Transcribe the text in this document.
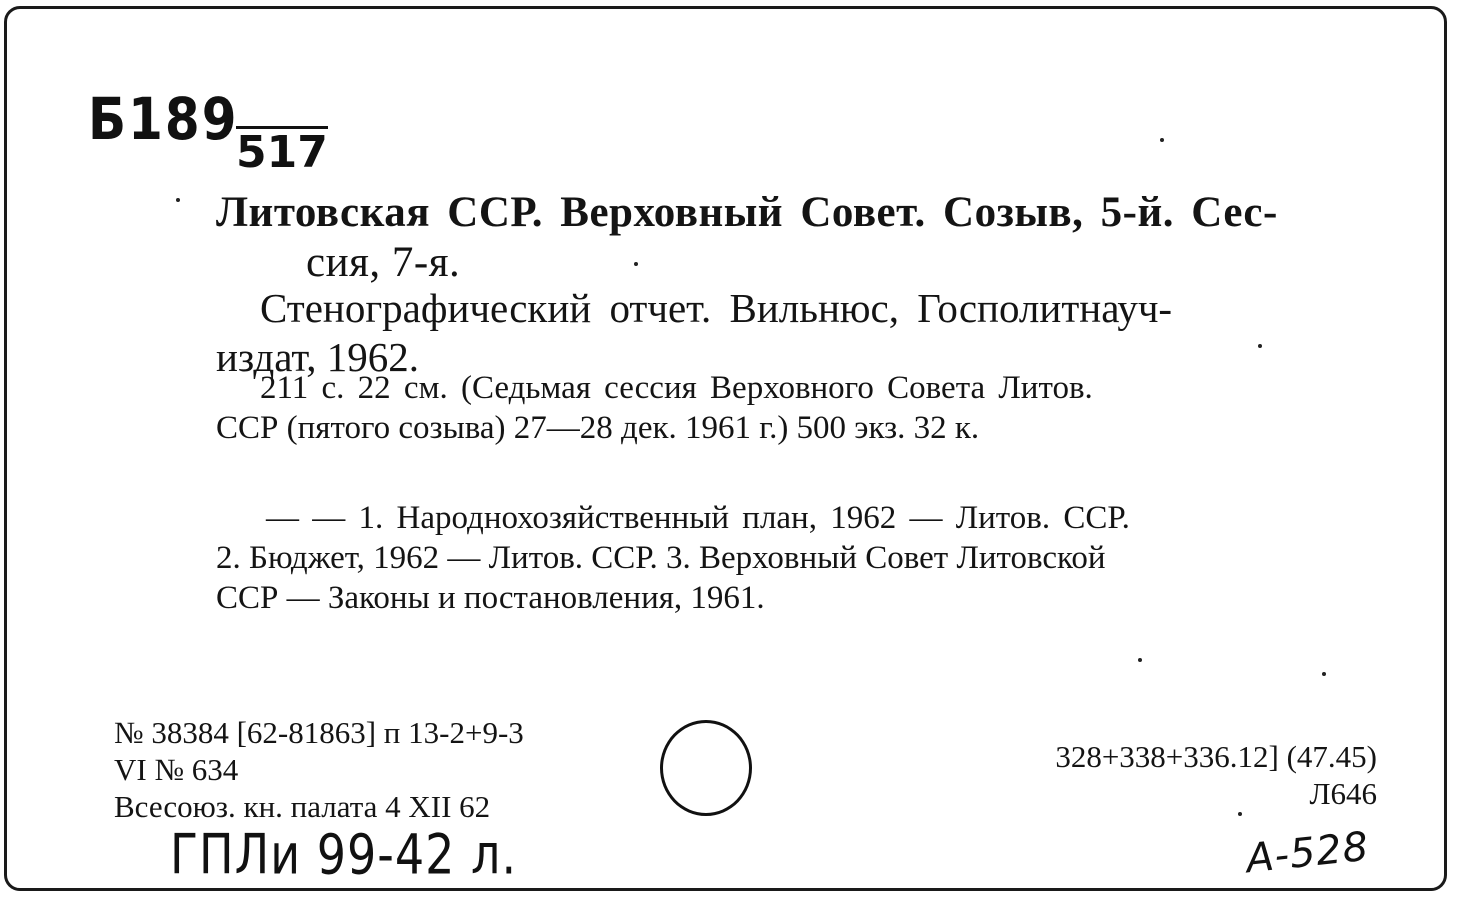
Б189
517
Литовская ССР. Верховный Совет. Созыв, 5-й. Сес-
сия, 7-я.
Стенографический отчет. Вильнюс, Госполитнауч-
издат, 1962.
211 с. 22 см. (Седьмая сессия Верховного Совета Литов.
ССР (пятого созыва) 27—28 дек. 1961 г.) 500 экз. 32 к.
— — 1. Народнохозяйственный план, 1962 — Литов. ССР.
2. Бюджет, 1962 — Литов. ССР. 3. Верховный Совет Литовской
ССР — Законы и постановления, 1961.
№ 38384 [62-81863] п 13-2+9-3
VI № 634
Всесоюз. кн. палата 4 XII 62
328+338+336.12] (47.45)
Л646
ГПЛи 99-42 л.	А-528
